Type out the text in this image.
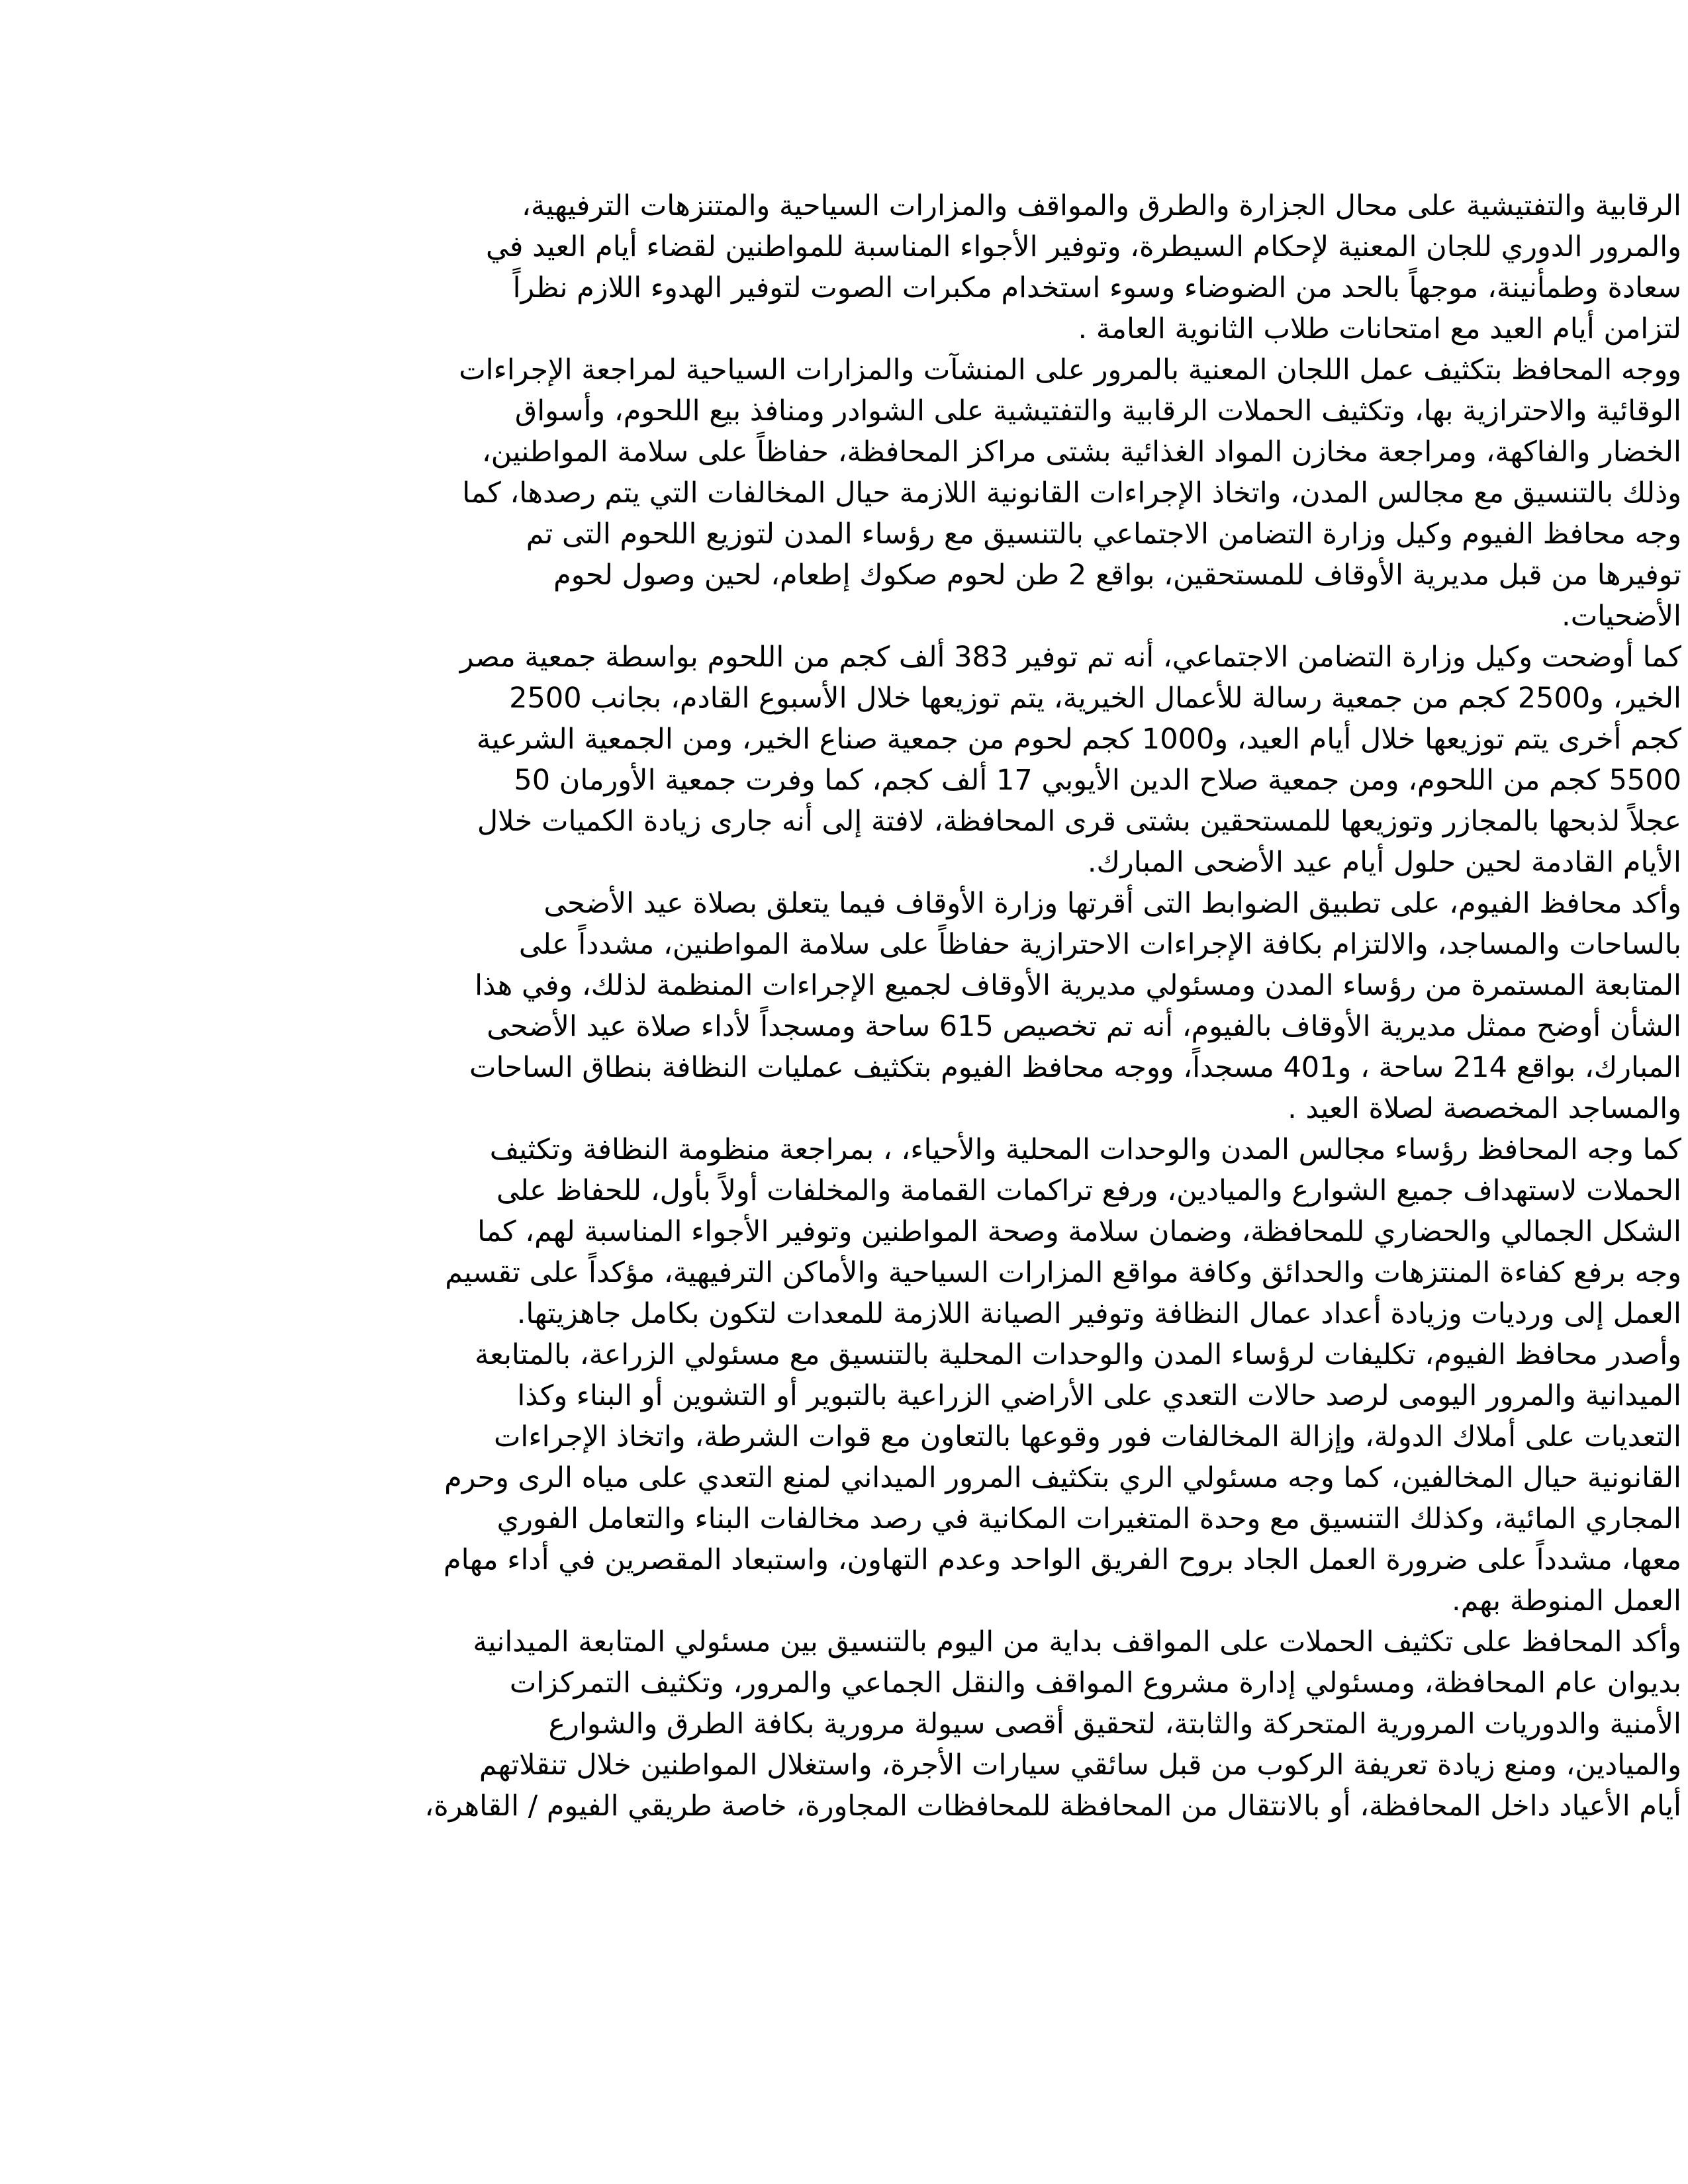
الرقابية والتفتيشية على محال الجزارة والطرق والمواقف والمزارات السياحية والمتنزهات الترفيهية،
والمرور الدوري للجان المعنية لإحكام السيطرة، وتوفير الأجواء المناسبة للمواطنين لقضاء أيام العيد في
سعادة وطمأنينة، موجهاً بالحد من الضوضاء وسوء استخدام مكبرات الصوت لتوفير الهدوء اللازم نظراً
لتزامن أيام العيد مع امتحانات طلاب الثانوية العامة .
ووجه المحافظ بتكثيف عمل اللجان المعنية بالمرور على المنشآت والمزارات السياحية لمراجعة الإجراءات
الوقائية والاحترازية بها، وتكثيف الحملات الرقابية والتفتيشية على الشوادر ومنافذ بيع اللحوم، وأسواق
الخضار والفاكهة، ومراجعة مخازن المواد الغذائية بشتى مراكز المحافظة، حفاظاً على سلامة المواطنين،
وذلك بالتنسيق مع مجالس المدن، واتخاذ الإجراءات القانونية اللازمة حيال المخالفات التي يتم رصدها، كما
وجه محافظ الفيوم وكيل وزارة التضامن الاجتماعي بالتنسيق مع رؤساء المدن لتوزيع اللحوم التى تم
توفيرها من قبل مديرية الأوقاف للمستحقين، بواقع 2 طن لحوم صكوك إطعام، لحين وصول لحوم
الأضحيات.
كما أوضحت وكيل وزارة التضامن الاجتماعي، أنه تم توفير 383 ألف كجم من اللحوم بواسطة جمعية مصر
الخير، و2500 كجم من جمعية رسالة للأعمال الخيرية، يتم توزيعها خلال الأسبوع القادم، بجانب 2500
كجم أخرى يتم توزيعها خلال أيام العيد، و1000 كجم لحوم من جمعية صناع الخير، ومن الجمعية الشرعية
5500 كجم من اللحوم، ومن جمعية صلاح الدين الأيوبي 17 ألف كجم، كما وفرت جمعية الأورمان 50
عجلاً لذبحها بالمجازر وتوزيعها للمستحقين بشتى قرى المحافظة، لافتة إلى أنه جارى زيادة الكميات خلال
الأيام القادمة لحين حلول أيام عيد الأضحى المبارك.
وأكد محافظ الفيوم، على تطبيق الضوابط التى أقرتها وزارة الأوقاف فيما يتعلق بصلاة عيد الأضحى
بالساحات والمساجد، والالتزام بكافة الإجراءات الاحترازية حفاظاً على سلامة المواطنين، مشدداً على
المتابعة المستمرة من رؤساء المدن ومسئولي مديرية الأوقاف لجميع الإجراءات المنظمة لذلك، وفي هذا
الشأن أوضح ممثل مديرية الأوقاف بالفيوم، أنه تم تخصيص 615 ساحة ومسجداً لأداء صلاة عيد الأضحى
المبارك، بواقع 214 ساحة ، و401 مسجداً، ووجه محافظ الفيوم بتكثيف عمليات النظافة بنطاق الساحات
والمساجد المخصصة لصلاة العيد .
كما وجه المحافظ رؤساء مجالس المدن والوحدات المحلية والأحياء، ، بمراجعة منظومة النظافة وتكثيف
الحملات لاستهداف جميع الشوارع والميادين، ورفع تراكمات القمامة والمخلفات أولاً بأول، للحفاظ على
الشكل الجمالي والحضاري للمحافظة، وضمان سلامة وصحة المواطنين وتوفير الأجواء المناسبة لهم، كما
وجه برفع كفاءة المنتزهات والحدائق وكافة مواقع المزارات السياحية والأماكن الترفيهية، مؤكداً على تقسيم
العمل إلى ورديات وزيادة أعداد عمال النظافة وتوفير الصيانة اللازمة للمعدات لتكون بكامل جاهزيتها.
وأصدر محافظ الفيوم، تكليفات لرؤساء المدن والوحدات المحلية بالتنسيق مع مسئولي الزراعة، بالمتابعة
الميدانية والمرور اليومى لرصد حالات التعدي على الأراضي الزراعية بالتبوير أو التشوين أو البناء وكذا
التعديات على أملاك الدولة، وإزالة المخالفات فور وقوعها بالتعاون مع قوات الشرطة، واتخاذ الإجراءات
القانونية حيال المخالفين، كما وجه مسئولي الري بتكثيف المرور الميداني لمنع التعدي على مياه الرى وحرم
المجاري المائية، وكذلك التنسيق مع وحدة المتغيرات المكانية في رصد مخالفات البناء والتعامل الفوري
معها، مشدداً على ضرورة العمل الجاد بروح الفريق الواحد وعدم التهاون، واستبعاد المقصرين في أداء مهام
العمل المنوطة بهم.
وأكد المحافظ على تكثيف الحملات على المواقف بداية من اليوم بالتنسيق بين مسئولي المتابعة الميدانية
بديوان عام المحافظة، ومسئولي إدارة مشروع المواقف والنقل الجماعي والمرور، وتكثيف التمركزات
الأمنية والدوريات المرورية المتحركة والثابتة، لتحقيق أقصى سيولة مرورية بكافة الطرق والشوارع
والميادين، ومنع زيادة تعريفة الركوب من قبل سائقي سيارات الأجرة، واستغلال المواطنين خلال تنقلاتهم
أيام الأعياد داخل المحافظة، أو بالانتقال من المحافظة للمحافظات المجاورة، خاصة طريقي الفيوم / القاهرة،
